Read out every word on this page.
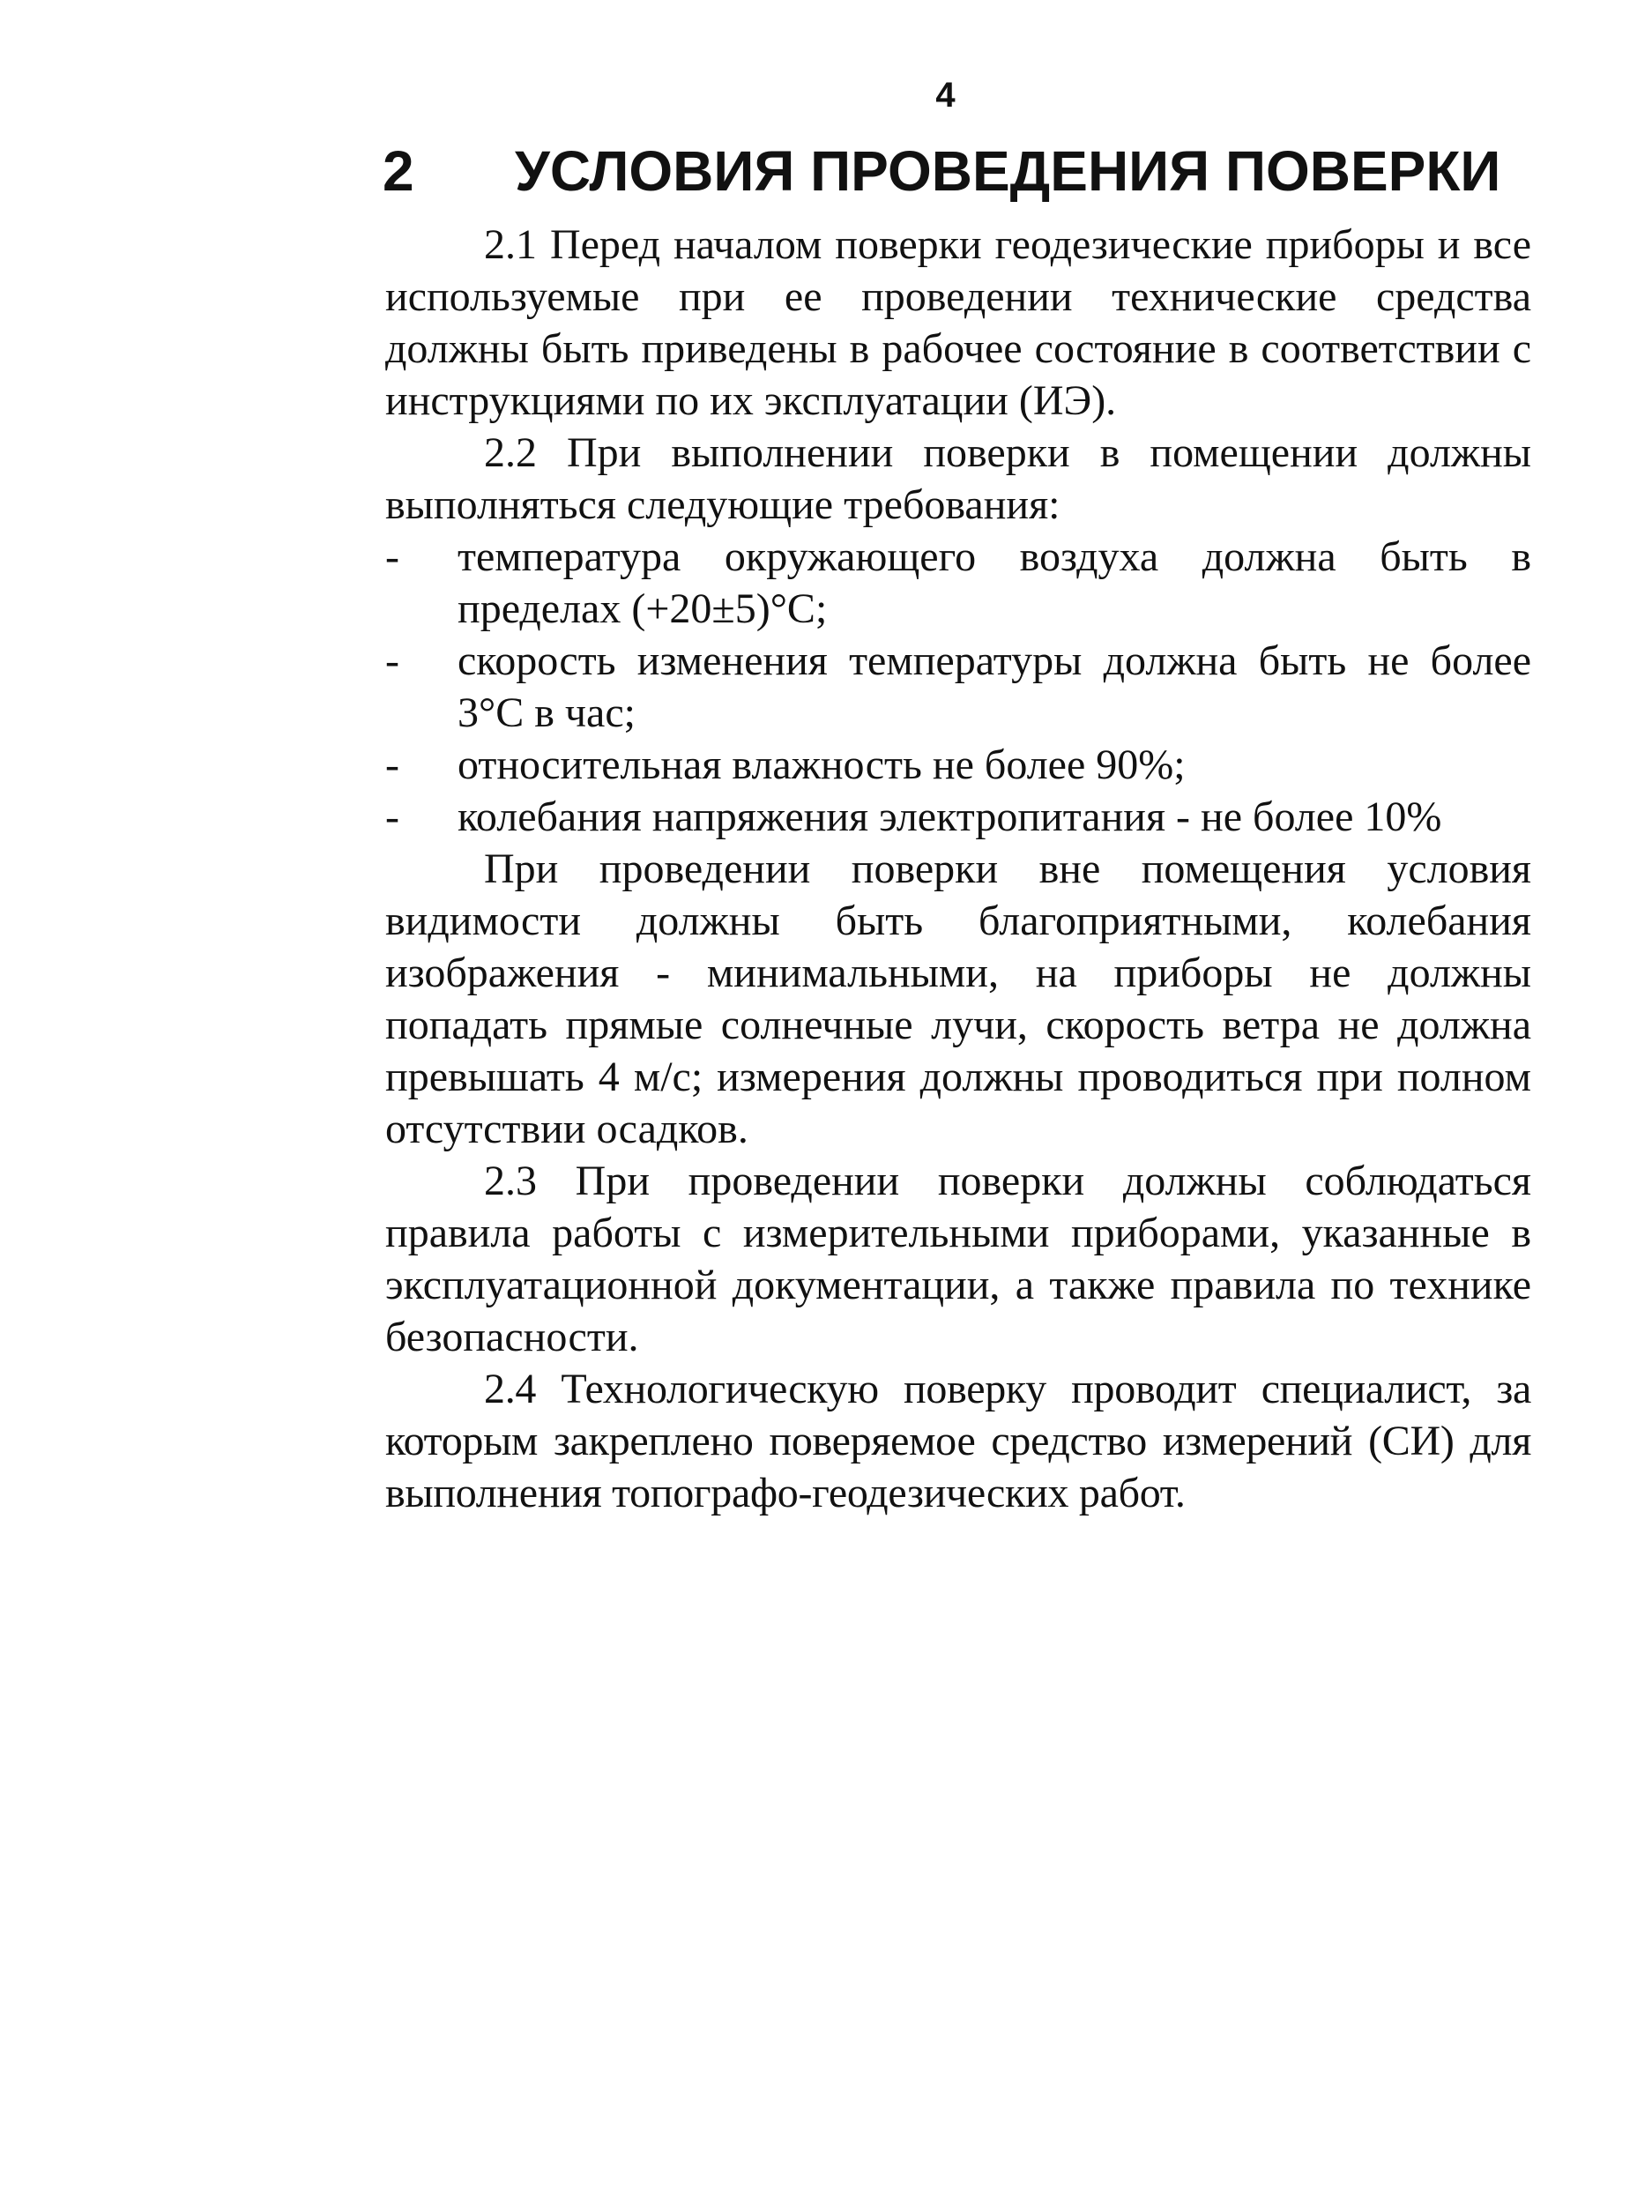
4
2 УСЛОВИЯ ПРОВЕДЕНИЯ ПОВЕРКИ

2.1 Перед началом поверки геодезические приборы и все используемые при ее проведении технические средства должны быть приведены в рабочее состояние в соответствии с инструкциями по их эксплуатации (ИЭ).

2.2 При выполнении поверки в помещении должны выполняться следующие требования:

- температура окружающего воздуха должна быть в пределах (+20±5)°С;
- скорость изменения температуры должна быть не более 3°С в час;
- относительная влажность не более 90%;
- колебания напряжения электропитания - не более 10%

При проведении поверки вне помещения условия видимости должны быть благоприятными, колебания изображения - минимальными, на приборы не должны попадать прямые солнечные лучи, скорость ветра не должна превышать 4 м/с; измерения должны проводиться при полном отсутствии осадков.

2.3 При проведении поверки должны соблюдаться правила работы с измерительными приборами, указанные в эксплуатационной документации, а также правила по технике безопасности.

2.4 Технологическую поверку проводит специалист, за которым закреплено поверяемое средство измерений (СИ) для выполнения топографо-геодезических работ.
